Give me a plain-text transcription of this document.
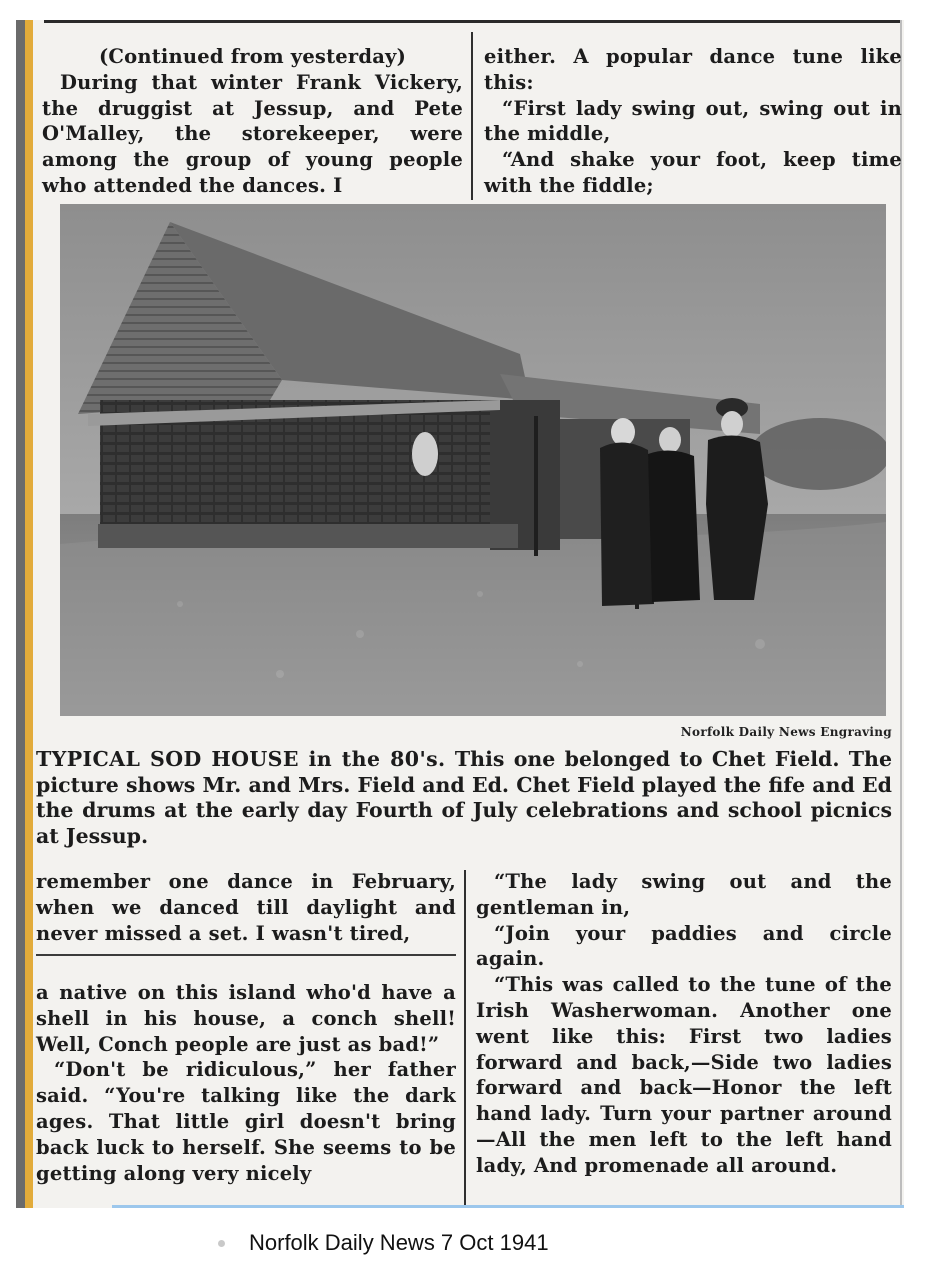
(Continued from yesterday)

During that winter Frank Vickery, the druggist at Jessup, and Pete O'Malley, the storekeeper, were among the group of young people who attended the dances. I

either. A popular dance tune like this:

“First lady swing out, swing out in the middle,

“And shake your foot, keep time with the fiddle;

Norfolk Daily News Engraving
TYPICAL SOD HOUSE in the 80's. This one belonged to Chet Field. The picture shows Mr. and Mrs. Field and Ed. Chet Field played the fife and Ed the drums at the early day Fourth of July celebrations and school picnics at Jessup.

remember one dance in February, when we danced till daylight and never missed a set. I wasn't tired,

a native on this island who'd have a shell in his house, a conch shell! Well, Conch people are just as bad!”

“Don't be ridiculous,” her father said. “You're talking like the dark ages. That little girl doesn't bring back luck to herself. She seems to be getting along very nicely

“The lady swing out and the gentleman in,

“Join your paddies and circle again.

“This was called to the tune of the Irish Washerwoman. Another one went like this: First two ladies forward and back,—Side two ladies forward and back—Honor the left hand lady. Turn your partner around—All the men left to the left hand lady, And promenade all around.

Norfolk Daily News 7 Oct 1941
